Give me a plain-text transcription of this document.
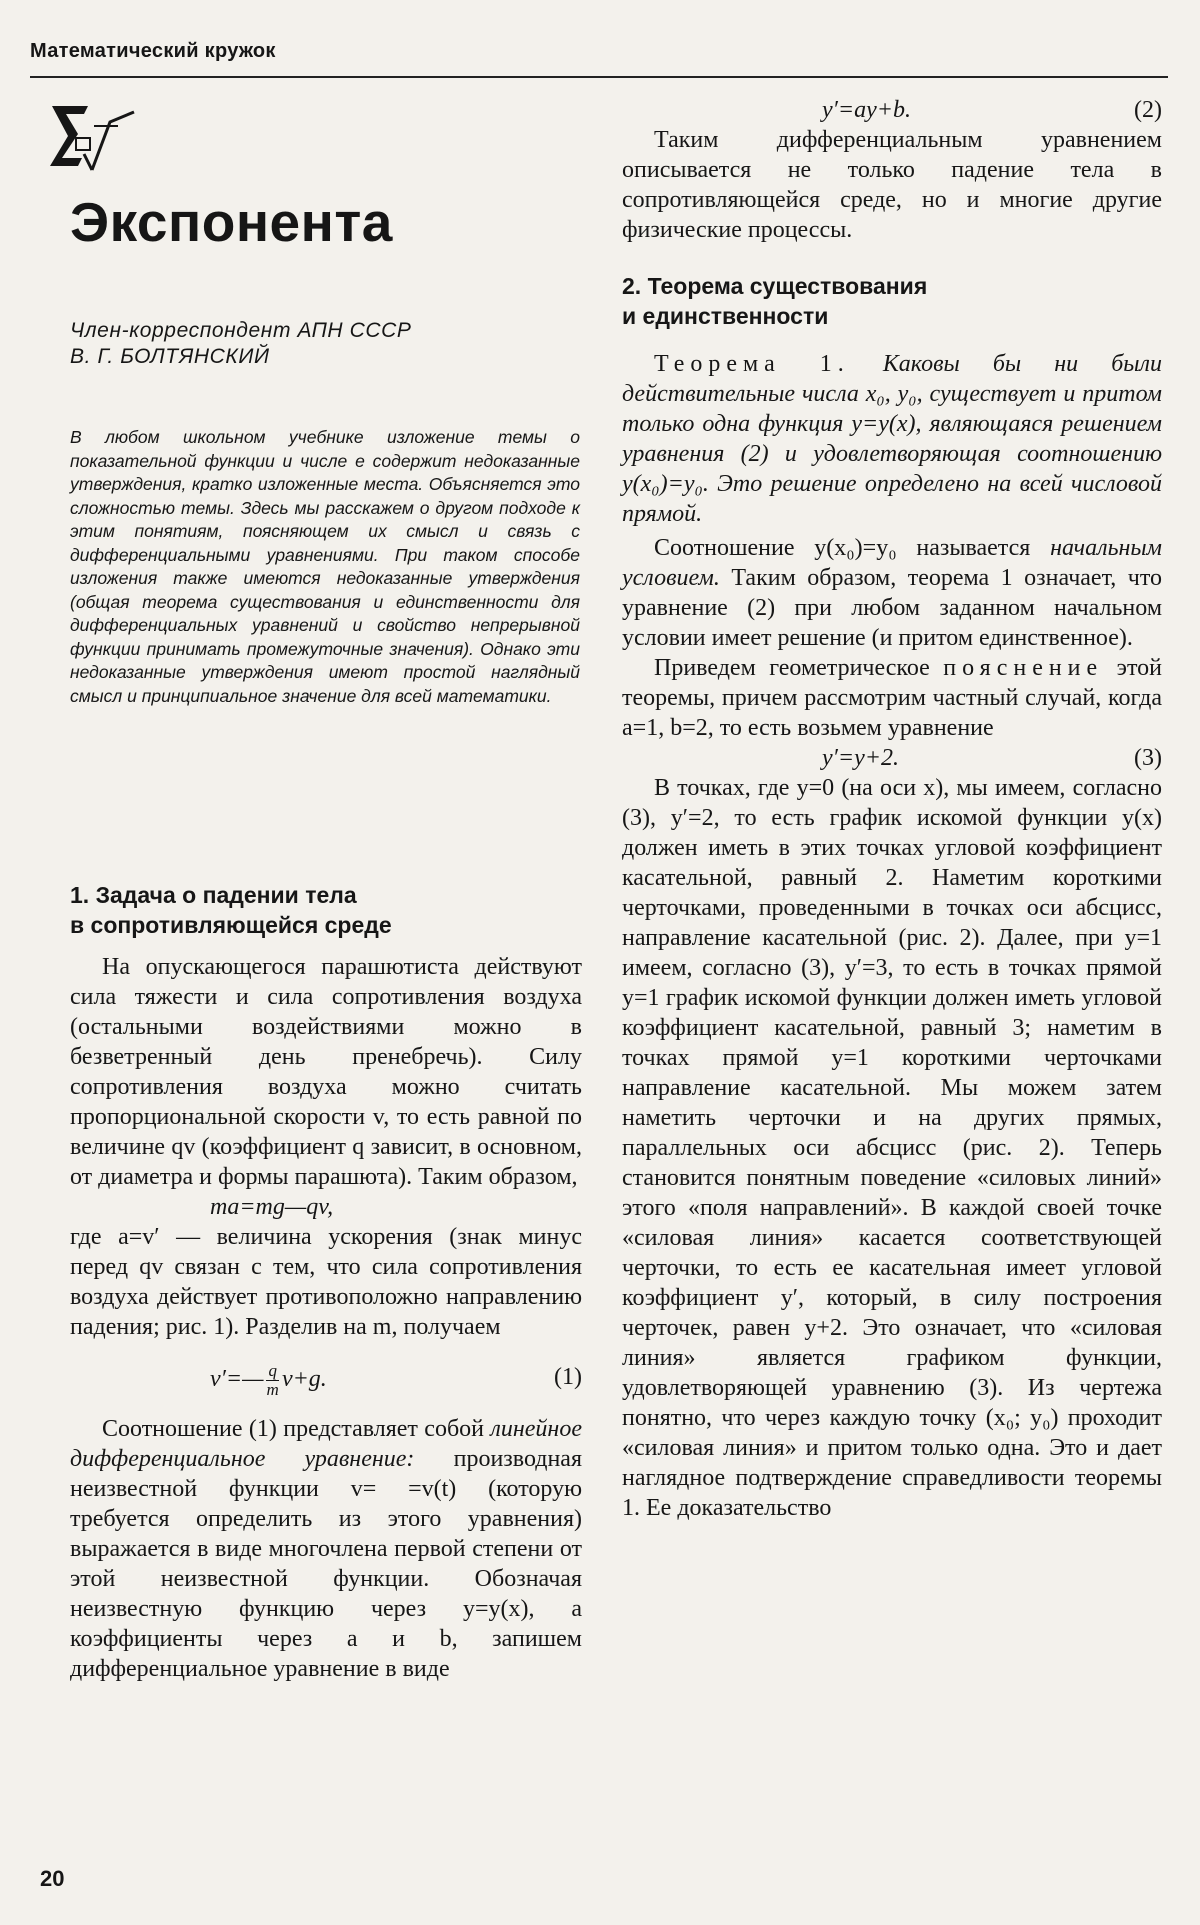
Математический кружок
Экспонента
Член-корреспондент АПН СССР
В. Г. БОЛТЯНСКИЙ
В любом школьном учебнике изложение темы о показательной функции и числе e содержит недоказанные утверждения, кратко изложенные места. Объясняется это сложностью темы. Здесь мы расскажем о другом подходе к этим понятиям, поясняющем их смысл и связь с дифференциальными уравнениями. При таком способе изложения также имеются недоказанные утверждения (общая теорема существования и единственности для дифференциальных уравнений и свойство непрерывной функции принимать промежуточные значения). Однако эти недоказанные утверждения имеют простой наглядный смысл и принципиальное значение для всей математики.
1. Задача о падении тела
в сопротивляющейся среде

На опускающегося парашютиста действуют сила тяжести и сила сопротивления воздуха (остальными воздействиями можно в безветренный день пренебречь). Силу сопротивления воздуха можно считать пропорциональной скорости v, то есть равной по величине qv (коэффициент q зависит, в основном, от диаметра и формы парашюта). Таким образом,

ma=mg—qv,

где a=v′ — величина ускорения (знак минус перед qv связан с тем, что сила сопротивления воздуха действует противоположно направлению падения; рис. 1). Разделив на m, получаем

v′=— $\frac{q}{m} v+g$.	(1)

Соотношение (1) представляет собой линейное дифференциальное уравнение: производная неизвестной функции v= =v(t) (которую требуется определить из этого уравнения) выражается в виде многочлена первой степени от этой неизвестной функции. Обозначая неизвестную функцию через y=y(x), а коэффициенты через a и b, запишем дифференциальное уравнение в виде

y′=ay+b.	(2)

Таким дифференциальным уравнением описывается не только падение тела в сопротивляющейся среде, но и многие другие физические процессы.

2. Теорема существования
и единственности

Теорема 1. Каковы бы ни были действительные числа x₀, y₀, существует и притом только одна функция y=y(x), являющаяся решением уравнения (2) и удовлетворяющая соотношению y(x₀)=y₀. Это решение определено на всей числовой прямой.

Соотношение y(x₀)=y₀ называется начальным условием. Таким образом, теорема 1 означает, что уравнение (2) при любом заданном начальном условии имеет решение (и притом единственное).

Приведем геометрическое пояснение этой теоремы, причем рассмотрим частный случай, когда a=1, b=2, то есть возьмем уравнение

y′=y+2.	(3)

В точках, где y=0 (на оси x), мы имеем, согласно (3), y′=2, то есть график искомой функции y(x) должен иметь в этих точках угловой коэффициент касательной, равный 2. Наметим короткими черточками, проведенными в точках оси абсцисс, направление касательной (рис. 2). Далее, при y=1 имеем, согласно (3), y′=3, то есть в точках прямой y=1 график искомой функции должен иметь угловой коэффициент касательной, равный 3; наметим в точках прямой y=1 короткими черточками направление касательной. Мы можем затем наметить черточки и на других прямых, параллельных оси абсцисс (рис. 2). Теперь становится понятным поведение «силовых линий» этого «поля направлений». В каждой своей точке «силовая линия» касается соответствующей черточки, то есть ее касательная имеет угловой коэффициент y′, который, в силу построения черточек, равен y+2. Это означает, что «силовая линия» является графиком функции, удовлетворяющей уравнению (3). Из чертежа понятно, что через каждую точку (x₀; y₀) проходит «силовая линия» и притом только одна. Это и дает наглядное подтверждение справедливости теоремы 1. Ее доказательство

20
